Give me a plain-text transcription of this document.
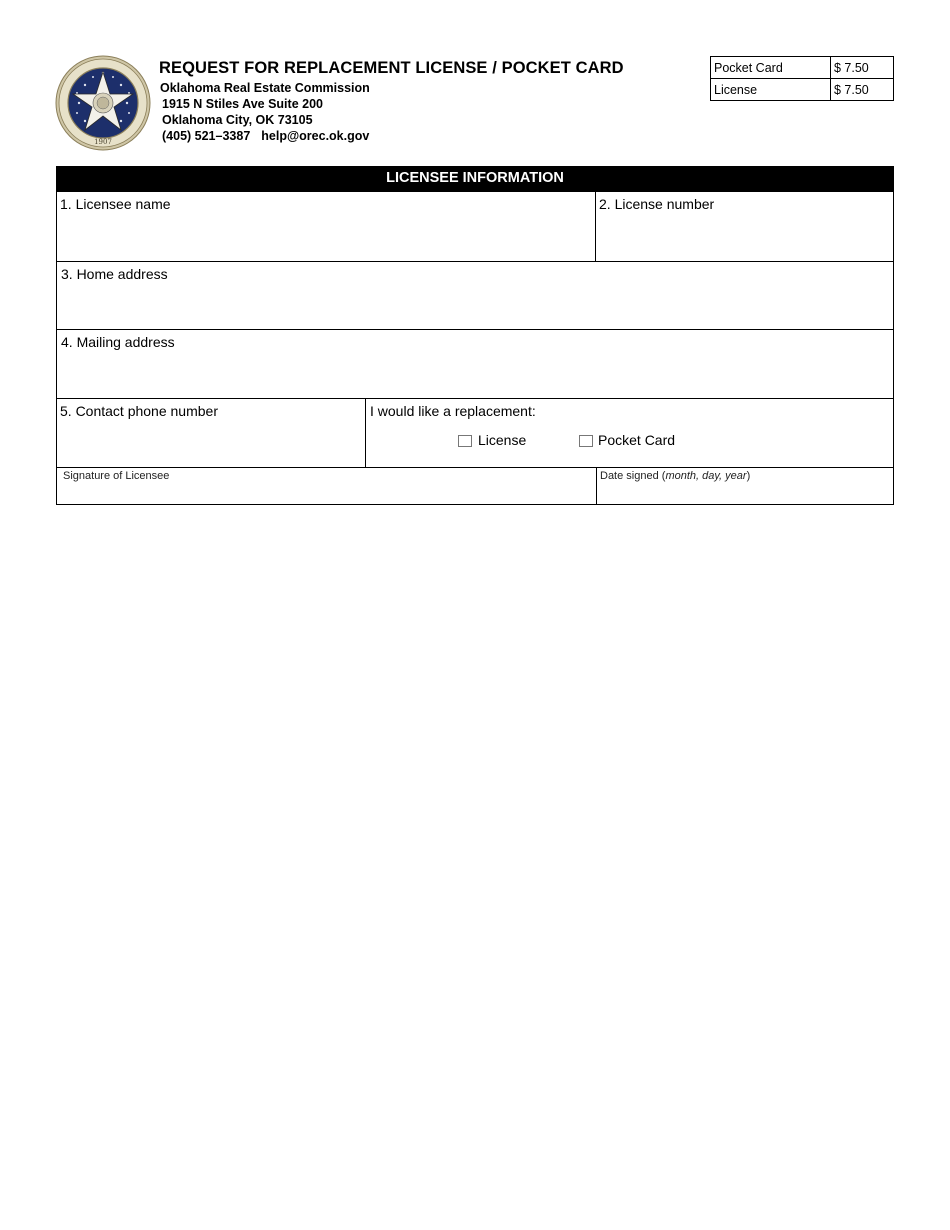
1907
REQUEST FOR REPLACEMENT LICENSE / POCKET CARD
Oklahoma Real Estate Commission
1915 N Stiles Ave Suite 200
Oklahoma City, OK 73105
(405) 521–3387 help@orec.ok.gov
Pocket Card	$ 7.50
License	$ 7.50
LICENSEE INFORMATION
1. Licensee name	2. License number
3. Home address
4. Mailing address
5. Contact phone number	I would like a replacement:
License	Pocket Card
Signature of Licensee	Date signed (month, day, year)
